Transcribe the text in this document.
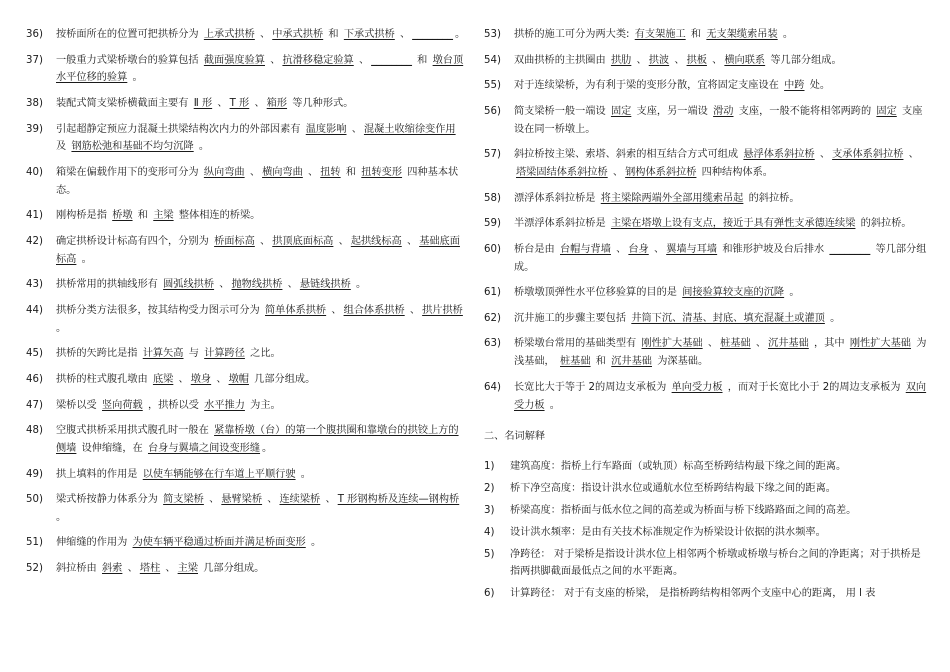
36)	按桥面所在的位置可把拱桥分为 上承式拱桥 、 中承式拱桥 和 下承式拱桥 、 ________ 。
37)	一般重力式梁桥墩台的验算包括 截面强度验算 、 抗滑移稳定验算 、 ________ 和 墩台顶水平位移的验算 。
38)	装配式简支梁桥横截面主要有 Ⅱ 形 、 T 形 、 箱形 等几种形式。
39)	引起超静定预应力混凝土拱梁结构次内力的外部因素有 温度影响 、 混凝土收缩徐变作用 及 钢筋松弛和基础不均匀沉降 。
40)	箱梁在偏载作用下的变形可分为 纵向弯曲 、 横向弯曲 、 扭转 和 扭转变形 四种基本状态。
41)	刚构桥是指 桥墩 和 主梁 整体相连的桥梁。
42)	确定拱桥设计标高有四个，分别为 桥面标高 、 拱顶底面标高 、 起拱线标高 、 基础底面标高 。
43)	拱桥常用的拱轴线形有 圆弧线拱桥 、 抛物线拱桥 、 悬链线拱桥 。
44)	拱桥分类方法很多，按其结构受力图示可分为 简单体系拱桥 、 组合体系拱桥 、 拱片拱桥 。
45)	拱桥的矢跨比是指 计算矢高 与 计算跨径 之比。
46)	拱桥的柱式腹孔墩由 底梁 、 墩身 、 墩帽 几部分组成。
47)	梁桥以受 竖向荷载 ，拱桥以受 水平推力 为主。
48)	空腹式拱桥采用拱式腹孔时一般在 紧靠桥墩（台）的第一个腹拱圈和靠墩台的拱铰上方的侧墙 设伸缩缝，在 台身与翼墙之间设变形缝 。
49)	拱上填料的作用是 以使车辆能够在行车道上平顺行驶 。
50)	梁式桥按静力体系分为 简支梁桥 、 悬臂梁桥 、 连续梁桥 、 T 形钢构桥及连续—钢构桥 。
51)	伸缩缝的作用为 为使车辆平稳通过桥面并满足桥面变形 。
52)	斜拉桥由 斜索 、 塔柱 、 主梁 几部分组成。
53)	拱桥的施工可分为两大类: 有支架施工 和 无支架缆索吊装 。
54)	双曲拱桥的主拱圈由 拱肋 、 拱波 、 拱板 、 横向联系 等几部分组成。
55)	对于连续梁桥，为有利于梁的变形分散，宜将固定支座设在 中跨 处。
56)	简支梁桥一般一端设 固定 支座，另一端设 滑动 支座，一般不能将相邻两跨的 固定 支座设在同一桥墩上。
57)	斜拉桥按主梁、索塔、斜索的相互结合方式可组成 悬浮体系斜拉桥 、 支承体系斜拉桥 、塔梁固结体系斜拉桥 、 钢构体系斜拉桥 四种结构体系。
58)	漂浮体系斜拉桥是 将主梁除两端外全部用缆索吊起 的斜拉桥。
59)	半漂浮体系斜拉桥是 主梁在塔墩上设有支点，接近于具有弹性支承德连续梁 的斜拉桥。
60)	桥台是由 台帽与背墙 、 台身 、 翼墙与耳墙 和锥形护坡及台后排水 ________ 等几部分组成。
61)	桥墩墩顶弹性水平位移验算的目的是 间接验算较支座的沉降 。
62)	沉井施工的步骤主要包括 井筒下沉、清基、封底、填充混凝土或灌顶 。
63)	桥梁墩台常用的基础类型有 刚性扩大基础 、 桩基础 、 沉井基础 ，其中 刚性扩大基础 为浅基础， 桩基础 和 沉井基础 为深基础。
64)	长宽比大于等于 2的周边支承板为 单向受力板 ，而对于长宽比小于 2的周边支承板为 双向受力板 。
二、名词解释
1)	建筑高度：指桥上行车路面（或轨顶）标高至桥跨结构最下缘之间的距离。
2)	桥下净空高度：指设计洪水位或通航水位至桥跨结构最下缘之间的距离。
3)	桥梁高度：指桥面与低水位之间的高差或为桥面与桥下线路路面之间的高差。
4)	设计洪水频率：是由有关技术标准规定作为桥梁设计依据的洪水频率。
5)	净跨径： 对于梁桥是指设计洪水位上相邻两个桥墩或桥墩与桥台之间的净距离；对于拱桥是指两拱脚截面最低点之间的水平距离。
6)	计算跨径： 对于有支座的桥梁， 是指桥跨结构相邻两个支座中心的距离， 用 l 表
